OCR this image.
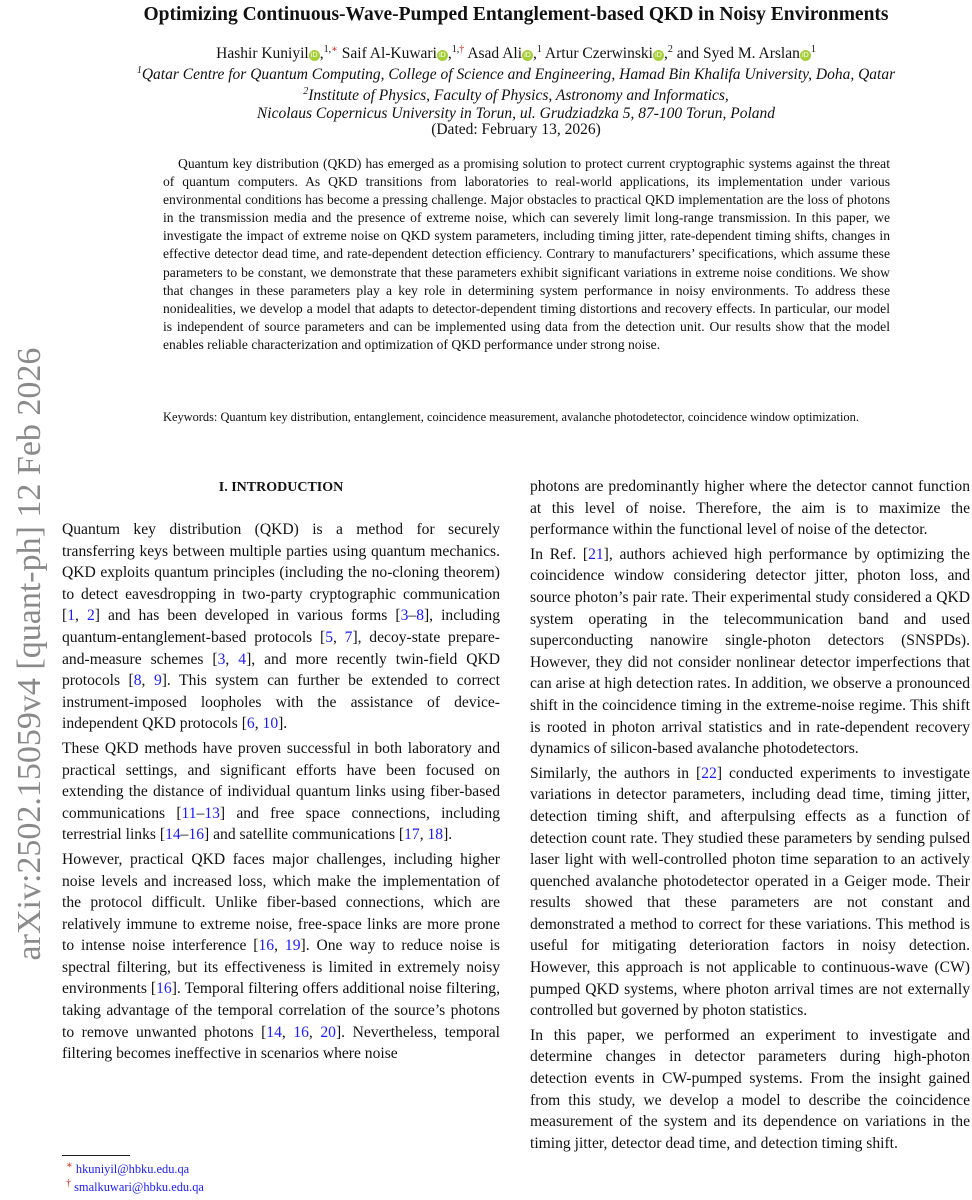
arXiv:2502.15059v4 [quant-ph] 12 Feb 2026
Optimizing Continuous-Wave-Pumped Entanglement-based QKD in Noisy Environments
Hashir Kuniyil iD ,$^{1,∗}$ Saif Al-Kuwari iD ,$^{1,\dagger}$ Asad Ali iD ,$^1$ Artur Czerwinski iD ,$^2$ and Syed M. Arslan $iD^1$
$^1$Qatar Centre for Quantum Computing, College of Science and Engineering, Hamad Bin Khalifa University, Doha, Qatar
$^2$Institute of Physics, Faculty of Physics, Astronomy and Informatics,
Nicolaus Copernicus University in Torun, ul. Grudziadzka 5, 87-100 Torun, Poland
(Dated: February 13, 2026)

Quantum key distribution (QKD) has emerged as a promising solution to protect current cryptographic systems against the threat of quantum computers. As QKD transitions from laboratories to real-world applications, its implementation under various environmental conditions has become a pressing challenge. Major obstacles to practical QKD implementation are the loss of photons in the transmission media and the presence of extreme noise, which can severely limit long-range transmission. In this paper, we investigate the impact of extreme noise on QKD system parameters, including timing jitter, rate-dependent timing shifts, changes in effective detector dead time, and rate-dependent detection efficiency. Contrary to manufacturers’ specifications, which assume these parameters to be constant, we demonstrate that these parameters exhibit significant variations in extreme noise conditions. We show that changes in these parameters play a key role in determining system performance in noisy environments. To address these nonidealities, we develop a model that adapts to detector-dependent timing distortions and recovery effects. In particular, our model is independent of source parameters and can be implemented using data from the detection unit. Our results show that the model enables reliable characterization and optimization of QKD performance under strong noise.

Keywords: Quantum key distribution, entanglement, coincidence measurement, avalanche photodetector, coincidence window optimization.

I. INTRODUCTION

Quantum key distribution (QKD) is a method for securely transferring keys between multiple parties using quantum mechanics. QKD exploits quantum principles (including the no-cloning theorem) to detect eavesdropping in two-party cryptographic communication [1, 2] and has been developed in various forms [3–8], including quantum-entanglement-based protocols [5, 7], decoy-state prepare-and-measure schemes [3, 4], and more recently twin-field QKD protocols [8, 9]. This system can further be extended to correct instrument-imposed loopholes with the assistance of device-independent QKD protocols [6, 10].

These QKD methods have proven successful in both laboratory and practical settings, and significant efforts have been focused on extending the distance of individual quantum links using fiber-based communications [11–13] and free space connections, including terrestrial links [14–16] and satellite communications [17, 18].

However, practical QKD faces major challenges, including higher noise levels and increased loss, which make the implementation of the protocol difficult. Unlike fiber-based connections, which are relatively immune to extreme noise, free-space links are more prone to intense noise interference [16, 19]. One way to reduce noise is spectral filtering, but its effectiveness is limited in extremely noisy environments [16]. Temporal filtering offers additional noise filtering, taking advantage of the temporal correlation of the source’s photons to remove unwanted photons [14, 16, 20]. Nevertheless, temporal filtering becomes ineffective in scenarios where noise

photons are predominantly higher where the detector cannot function at this level of noise. Therefore, the aim is to maximize the performance within the functional level of noise of the detector.

In Ref. [21], authors achieved high performance by optimizing the coincidence window considering detector jitter, photon loss, and source photon’s pair rate. Their experimental study considered a QKD system operating in the telecommunication band and used superconducting nanowire single-photon detectors (SNSPDs). However, they did not consider nonlinear detector imperfections that can arise at high detection rates. In addition, we observe a pronounced shift in the coincidence timing in the extreme-noise regime. This shift is rooted in photon arrival statistics and in rate-dependent recovery dynamics of silicon-based avalanche photodetectors.

Similarly, the authors in [22] conducted experiments to investigate variations in detector parameters, including dead time, timing jitter, detection timing shift, and afterpulsing effects as a function of detection count rate. They studied these parameters by sending pulsed laser light with well-controlled photon time separation to an actively quenched avalanche photodetector operated in a Geiger mode. Their results showed that these parameters are not constant and demonstrated a method to correct for these variations. This method is useful for mitigating deterioration factors in noisy detection. However, this approach is not applicable to continuous-wave (CW) pumped QKD systems, where photon arrival times are not externally controlled but governed by photon statistics.

In this paper, we performed an experiment to investigate and determine changes in detector parameters during high-photon detection events in CW-pumped systems. From the insight gained from this study, we develop a model to describe the coincidence measurement of the system and its dependence on variations in the timing jitter, detector dead time, and detection timing shift.

∗ hkuniyil@hbku.edu.qa
† smalkuwari@hbku.edu.qa
